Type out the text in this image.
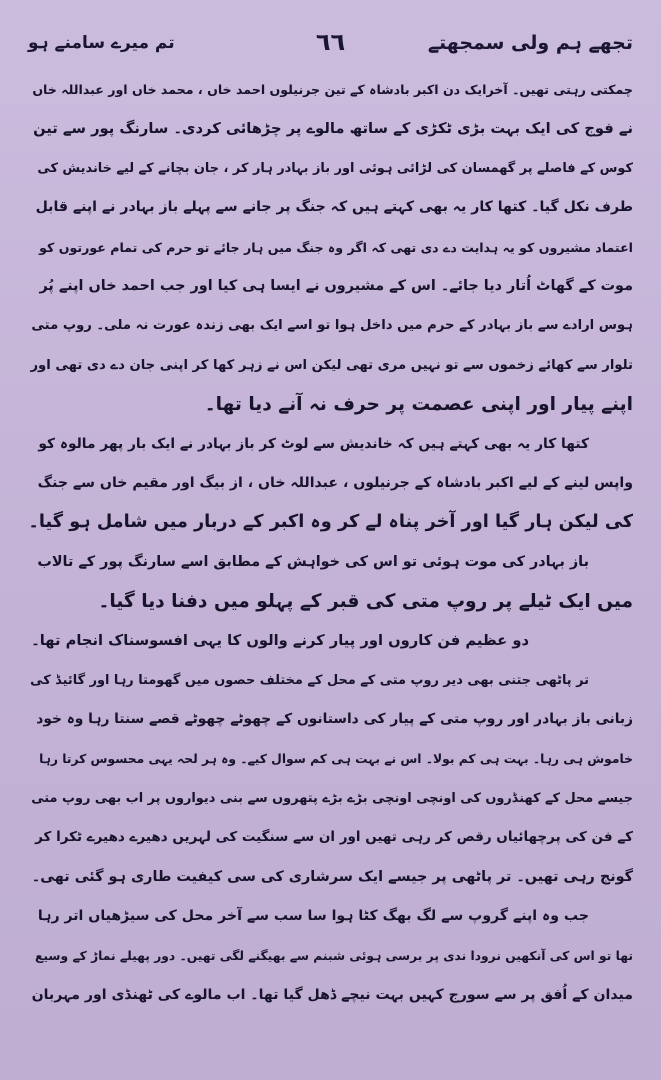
تجھے ہم ولی سمجھتے
٦٦
تم میرے سامنے ہو
چمکتی رہتی تھیں۔ آخرایک دن اکبر بادشاہ کے تین جرنیلوں احمد خاں ، محمد خاں اور عبداللہ خاں
نے فوج کی ایک بہت بڑی ٹکڑی کے ساتھ مالوے پر چڑھائی کردی۔ سارنگ پور سے تین
کوس کے فاصلے پر گھمسان کی لڑائی ہوئی اور باز بہادر ہار کر ، جان بچانے کے لیے خاندیش کی
طرف نکل گیا۔ کتھا کار یہ بھی کہتے ہیں کہ جنگ پر جانے سے پہلے باز بہادر نے اپنے قابل
اعتماد مشیروں کو یہ ہدایت دے دی تھی کہ اگر وہ جنگ میں ہار جائے تو حرم کی تمام عورتوں کو
موت کے گھاٹ اُتار دیا جائے۔ اس کے مشیروں نے ایسا ہی کیا اور جب احمد خاں اپنے پُر
ہوس ارادے سے باز بہادر کے حرم میں داخل ہوا تو اسے ایک بھی زندہ عورت نہ ملی۔ روپ متی
تلوار سے کھائے زخموں سے تو نہیں مری تھی لیکن اس نے زہر کھا کر اپنی جان دے دی تھی اور
اپنے پیار اور اپنی عصمت پر حرف نہ آنے دیا تھا۔
کتھا کار یہ بھی کہتے ہیں کہ خاندیش سے لوٹ کر باز بہادر نے ایک بار پھر مالوہ کو
واپس لینے کے لیے اکبر بادشاہ کے جرنیلوں ، عبداللہ خاں ، از بیگ اور مقیم خاں سے جنگ
کی لیکن ہار گیا اور آخر پناہ لے کر وہ اکبر کے دربار میں شامل ہو گیا۔
باز بہادر کی موت ہوئی تو اس کی خواہش کے مطابق اسے سارنگ پور کے تالاب
میں ایک ٹیلے پر روپ متی کی قبر کے پہلو میں دفنا دیا گیا۔
دو عظیم فن کاروں اور پیار کرنے والوں کا یہی افسوسناک انجام تھا۔
تر پاٹھی جتنی بھی دیر روپ متی کے محل کے مختلف حصوں میں گھومتا رہا اور گائیڈ کی
زبانی باز بہادر اور روپ متی کے پیار کی داستانوں کے چھوٹے چھوٹے قصے سنتا رہا وہ خود
خاموش ہی رہا۔ بہت ہی کم بولا۔ اس نے بہت ہی کم سوال کیے۔ وہ ہر لحہ یہی محسوس کرتا رہا
جیسے محل کے کھنڈروں کی اونچی اونچی بڑے بڑے پتھروں سے بنی دیواروں پر اب بھی روپ متی
کے فن کی پرچھائیاں رقص کر رہی تھیں اور ان سے سنگیت کی لہریں دھیرے دھیرے ٹکرا کر
گونج رہی تھیں۔ تر پاٹھی پر جیسے ایک سرشاری کی سی کیفیت طاری ہو گئی تھی۔
جب وہ اپنے گروپ سے لگ بھگ کٹا ہوا سا سب سے آخر محل کی سیڑھیاں اتر رہا
تھا تو اس کی آنکھیں نرودا ندی پر برسی ہوئی شبنم سے بھیگنے لگی تھیں۔ دور پھیلے نماڑ کے وسیع
میدان کے اُفق پر سے سورج کہیں بہت نیچے ڈھل گیا تھا۔ اب مالوے کی ٹھنڈی اور مہربان
